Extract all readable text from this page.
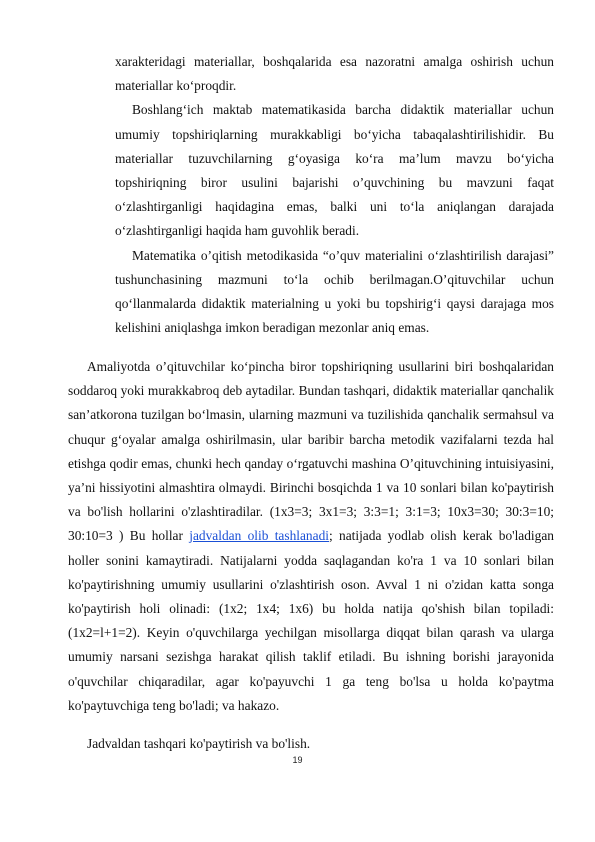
xarakteridagi materiallar, boshqalarida esa nazoratni amalga oshirish uchun materiallar ko‘proqdir.

Boshlang‘ich maktab matematikasida barcha didaktik materiallar uchun umumiy topshiriqlarning murakkabligi bo‘yicha tabaqalashtirilishidir. Bu materiallar tuzuvchilarning g‘oyasiga ko‘ra ma’lum mavzu bo‘yicha topshiriqning biror usulini bajarishi o’quvchining bu mavzuni faqat o‘zlashtirganligi haqidagina emas, balki uni to‘la aniqlangan darajada o‘zlashtirganligi haqida ham guvohlik beradi.

Matematika o’qitish metodikasida “o’quv materialini o‘zlashtirilish darajasi” tushunchasining mazmuni to‘la ochib berilmagan.O’qituvchilar uchun qo‘llanmalarda didaktik materialning u yoki bu topshirig‘i qaysi darajaga mos kelishini aniqlashga imkon beradigan mezonlar aniq emas.

Amaliyotda o’qituvchilar ko‘pincha biror topshiriqning usullarini biri boshqalaridan soddaroq yoki murakkabroq deb aytadilar. Bundan tashqari, didaktik materiallar qanchalik san’atkorona tuzilgan bo‘lmasin, ularning mazmuni va tuzilishida qanchalik sermahsul va chuqur g‘oyalar amalga oshirilmasin, ular baribir barcha metodik vazifalarni tezda hal etishga qodir emas, chunki hech qanday o‘rgatuvchi mashina O’qituvchining intuisiyasini, ya’ni hissiyotini almashtira olmaydi. Birinchi bosqichda 1 va 10 sonlari bilan ko'paytirish va bo'lish hollarini o'zlashtiradilar. (1x3=3; 3x1=3; 3:3=1; 3:1=3; 10x3=30; 30:3=10; 30:10=3 ) Bu hollar jadvaldan olib tashlanadi; natijada yodlab olish kerak bo'ladigan holler sonini kamaytiradi. Natijalarni yodda saqlagandan ko'ra 1 va 10 sonlari bilan ko'paytirishning umumiy usullarini o'zlashtirish oson. Avval 1 ni o'zidan katta songa ko'paytirish holi olinadi: (1x2; 1x4; 1x6) bu holda natija qo'shish bilan topiladi: (1x2=l+1=2). Keyin o'quvchilarga yechilgan misollarga diqqat bilan qarash va ularga umumiy narsani sezishga harakat qilish taklif etiladi. Bu ishning borishi jarayonida o'quvchilar chiqaradilar, agar ko'payuvchi 1 ga teng bo'lsa u holda ko'paytma ko'paytuvchiga teng bo'ladi; va hakazo.

Jadvaldan tashqari ko'paytirish va bo'lish.
19
